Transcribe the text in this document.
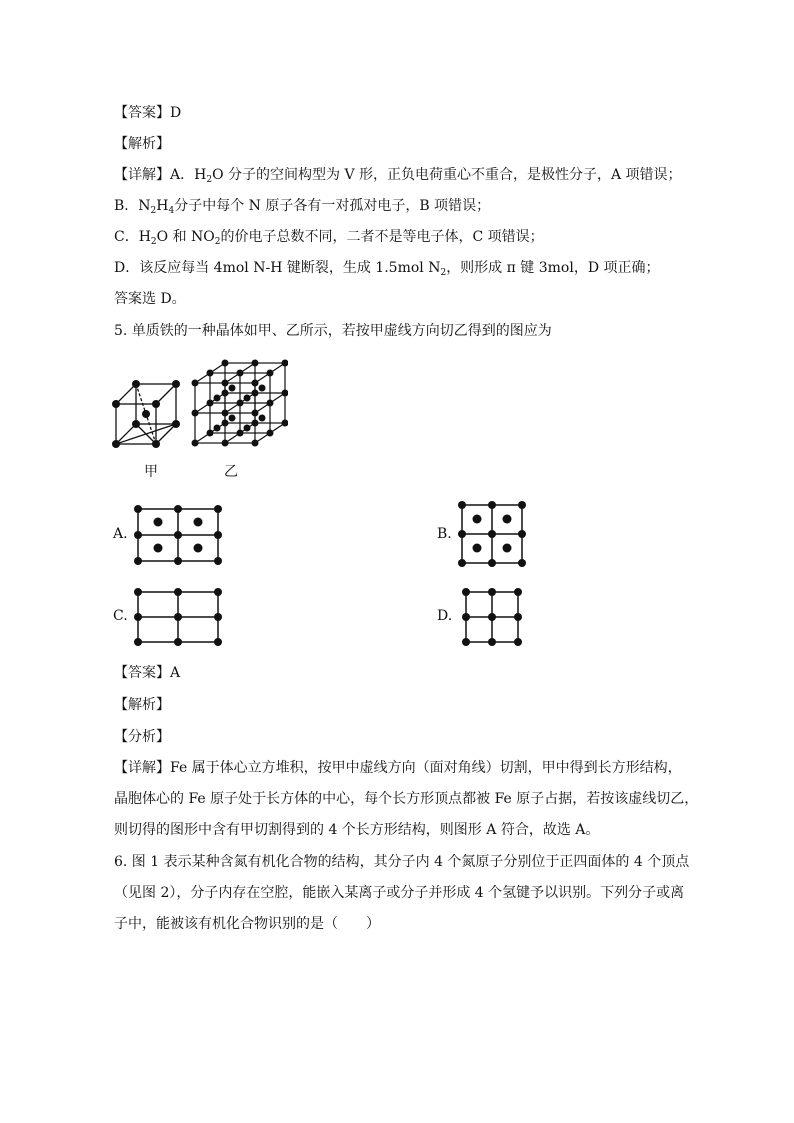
【答案】D
【解析】
【详解】A．$H_2O$ 分子的空间构型为 V 形，正负电荷重心不重合，是极性分子，A 项错误；
B．$N_2H_4$分子中每个 N 原子各有一对孤对电子，B 项错误；
C．$H_2O$ 和 $NO_2$的价电子总数不同，二者不是等电子体，C 项错误；
D．该反应每当 4mol N-H 键断裂，生成 1.5mol $N_2$，则形成 π 键 3mol，D 项正确；
答案选 D。
5. 单质铁的一种晶体如甲、乙所示，若按甲虚线方向切乙得到的图应为
甲	乙
A.	B.
C.	D.
【答案】A
【解析】
【分析】
【详解】Fe 属于体心立方堆积，按甲中虚线方向（面对角线）切割，甲中得到长方形结构，
晶胞体心的 Fe 原子处于长方体的中心，每个长方形顶点都被 Fe 原子占据，若按该虚线切乙，
则切得的图形中含有甲切割得到的 4 个长方形结构，则图形 A 符合，故选 A。
6. 图 1 表示某种含氮有机化合物的结构，其分子内 4 个氮原子分别位于正四面体的 4 个顶点
（见图 2），分子内存在空腔，能嵌入某离子或分子并形成 4 个氢键予以识别。下列分子或离
子中，能被该有机化合物识别的是（　　）
